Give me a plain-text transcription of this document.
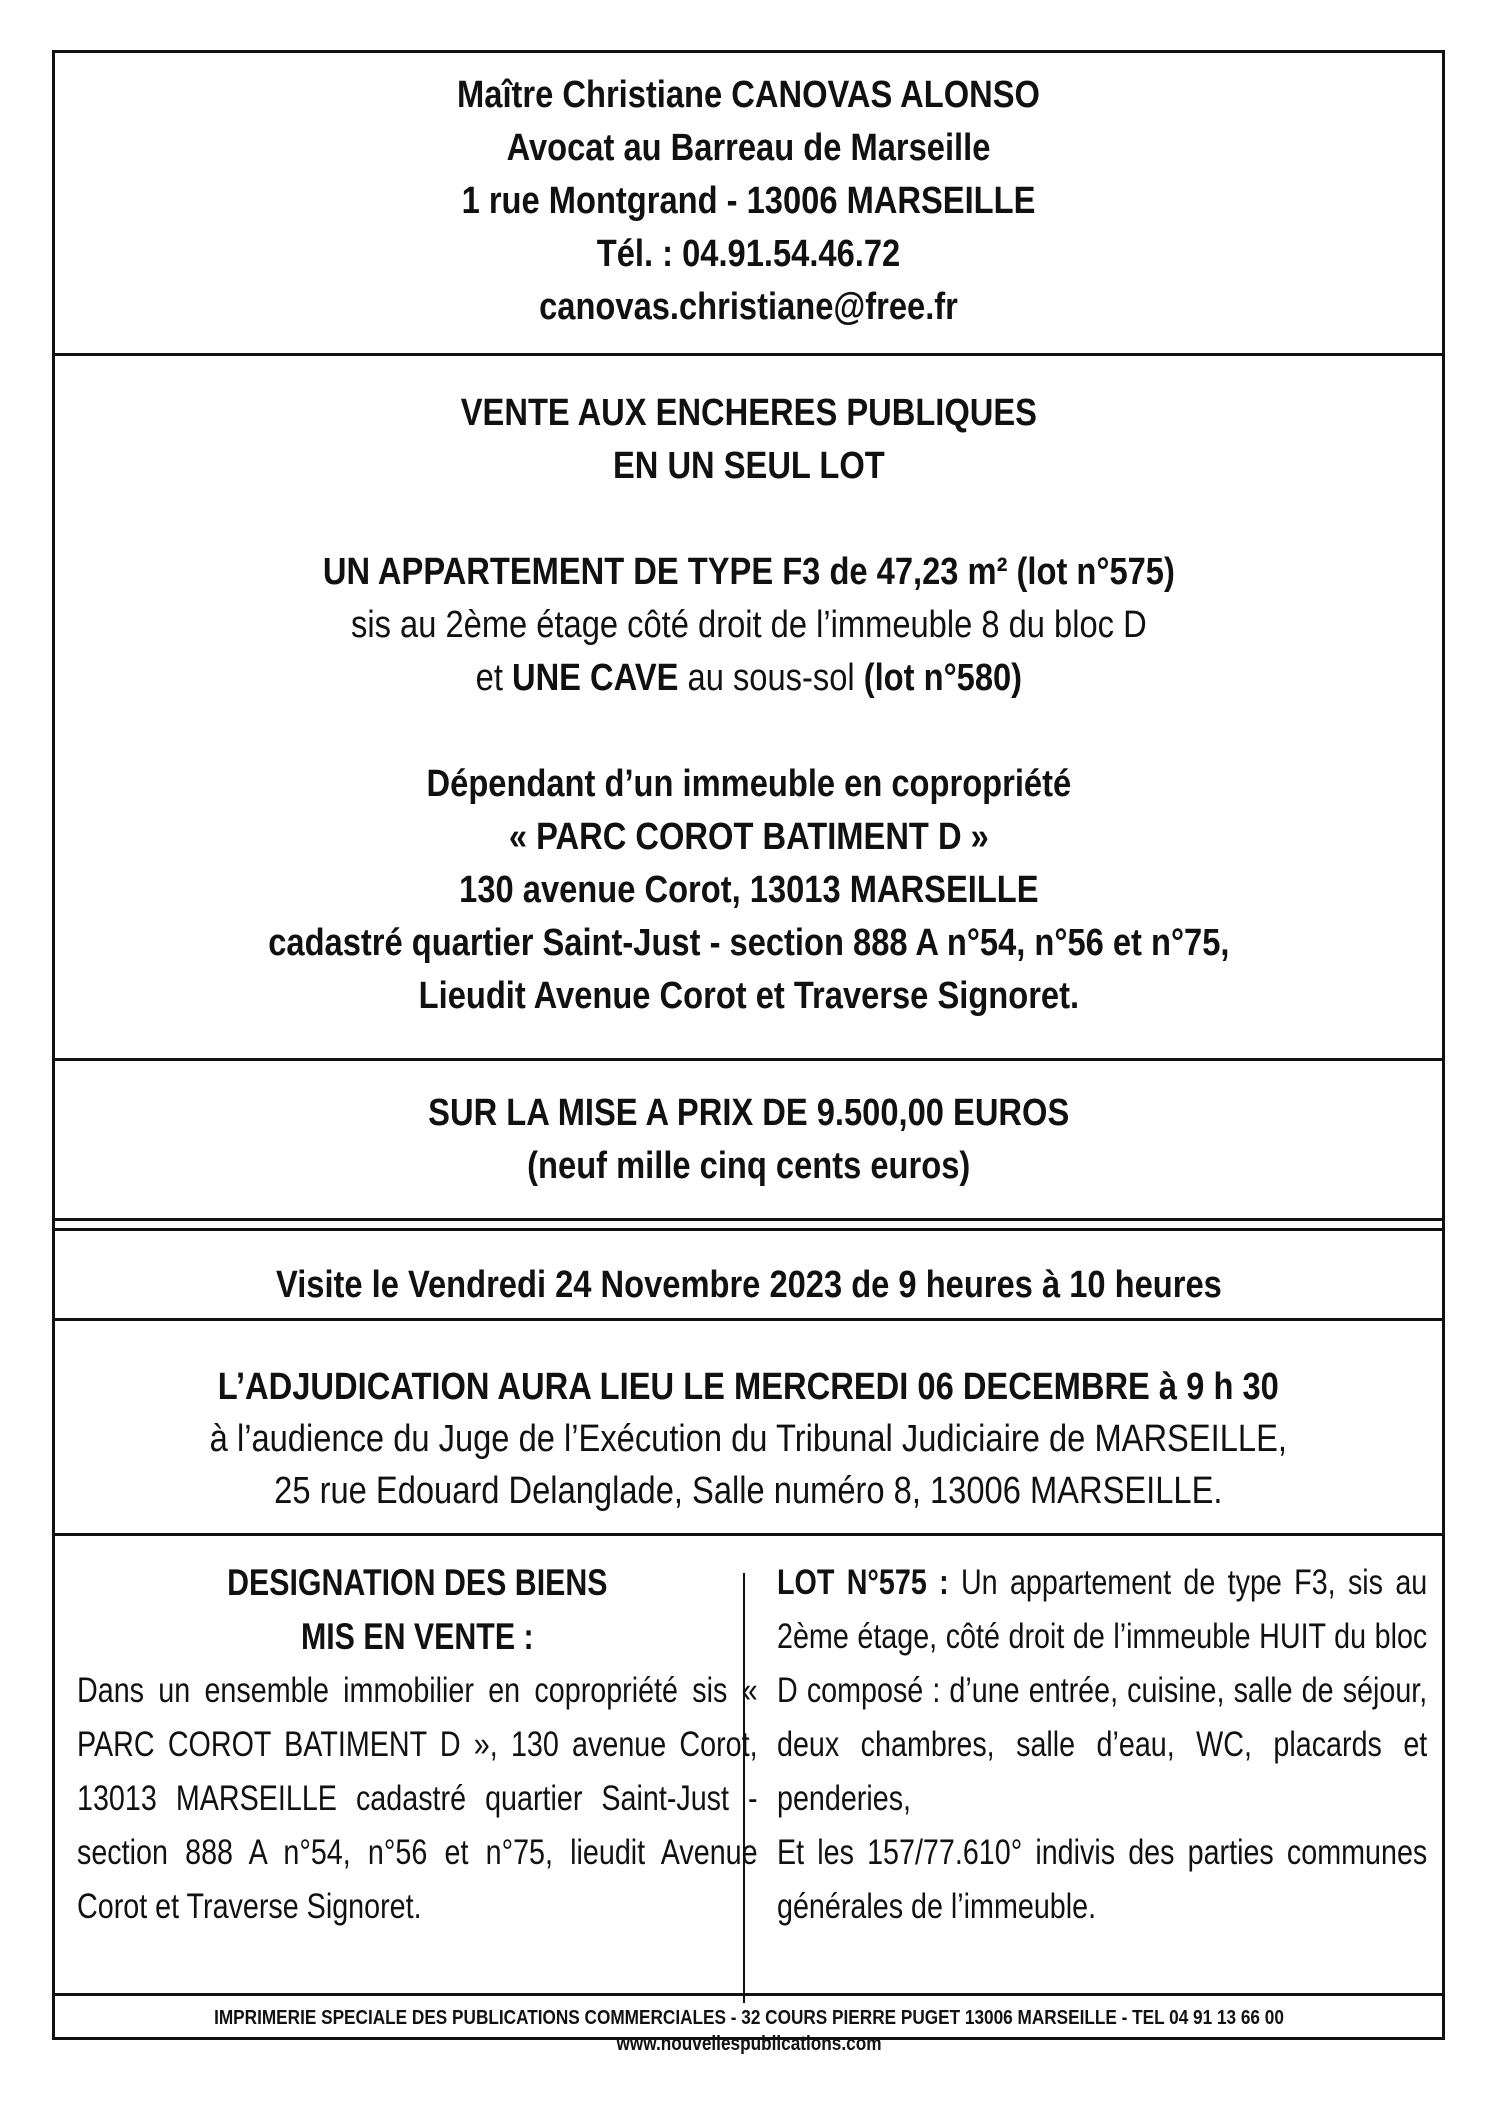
Maître Christiane CANOVAS ALONSO
Avocat au Barreau de Marseille
1 rue Montgrand - 13006 MARSEILLE
Tél. : 04.91.54.46.72
canovas.christiane@free.fr
VENTE AUX ENCHERES PUBLIQUES
EN UN SEUL LOT
UN APPARTEMENT DE TYPE F3 de 47,23 m² (lot n°575)
sis au 2ème étage côté droit de l’immeuble 8 du bloc D
et UNE CAVE au sous-sol (lot n°580)
Dépendant d’un immeuble en copropriété
« PARC COROT BATIMENT D »
130 avenue Corot, 13013 MARSEILLE
cadastré quartier Saint-Just - section 888 A n°54, n°56 et n°75,
Lieudit Avenue Corot et Traverse Signoret.
SUR LA MISE A PRIX DE 9.500,00 EUROS
(neuf mille cinq cents euros)
Visite le Vendredi 24 Novembre 2023 de 9 heures à 10 heures
L’ADJUDICATION AURA LIEU LE MERCREDI 06 DECEMBRE à 9 h 30
à l’audience du Juge de l’Exécution du Tribunal Judiciaire de MARSEILLE,
25 rue Edouard Delanglade, Salle numéro 8, 13006 MARSEILLE.
DESIGNATION DES BIENS
MIS EN VENTE :
Dans un ensemble immobilier en copropriété sis « PARC COROT BATIMENT D », 130 avenue Corot, 13013 MARSEILLE cadastré quartier Saint-Just - section 888 A n°54, n°56 et n°75, lieudit Avenue Corot et Traverse Signoret.
LOT N°575 : Un appartement de type F3, sis au 2ème étage, côté droit de l’immeuble HUIT du bloc D composé : d’une entrée, cuisine, salle de séjour, deux chambres, salle d’eau, WC, placards et penderies,
Et les 157/77.610° indivis des parties communes générales de l’immeuble.
IMPRIMERIE SPECIALE DES PUBLICATIONS COMMERCIALES - 32 COURS PIERRE PUGET 13006 MARSEILLE - TEL 04 91 13 66 00
www.nouvellespublications.com
